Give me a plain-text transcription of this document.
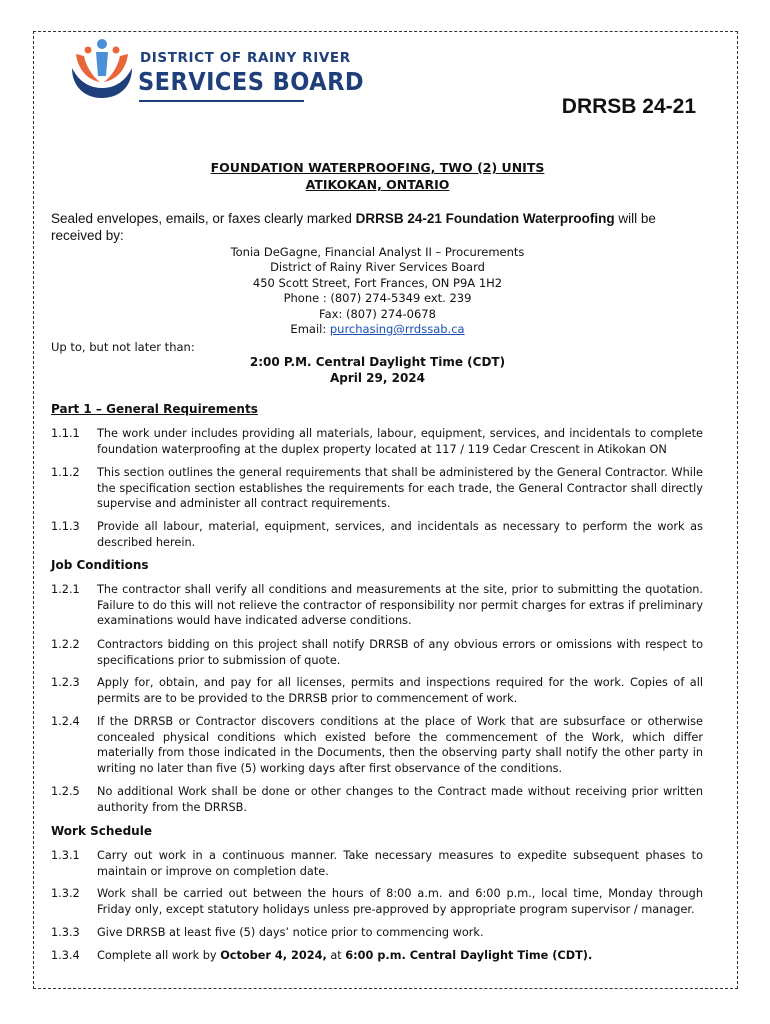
DISTRICT OF RAINY RIVER
SERVICES BOARD
DRRSB 24-21
FOUNDATION WATERPROOFING, TWO (2) UNITS
ATIKOKAN, ONTARIO
Sealed envelopes, emails, or faxes clearly marked DRRSB 24-21 Foundation Waterproofing will be received by:
Tonia DeGagne, Financial Analyst II – Procurements
District of Rainy River Services Board
450 Scott Street, Fort Frances, ON P9A 1H2
Phone : (807) 274-5349 ext. 239
Fax: (807) 274-0678
Email: purchasing@rrdssab.ca
Up to, but not later than:
2:00 P.M. Central Daylight Time (CDT)
April 29, 2024
Part 1 – General Requirements
1.1.1	The work under includes providing all materials, labour, equipment, services, and incidentals to complete foundation waterproofing at the duplex property located at 117 / 119 Cedar Crescent in Atikokan ON
1.1.2	This section outlines the general requirements that shall be administered by the General Contractor. While the specification section establishes the requirements for each trade, the General Contractor shall directly supervise and administer all contract requirements.
1.1.3	Provide all labour, material, equipment, services, and incidentals as necessary to perform the work as described herein.
Job Conditions
1.2.1	The contractor shall verify all conditions and measurements at the site, prior to submitting the quotation. Failure to do this will not relieve the contractor of responsibility nor permit charges for extras if preliminary examinations would have indicated adverse conditions.
1.2.2	Contractors bidding on this project shall notify DRRSB of any obvious errors or omissions with respect to specifications prior to submission of quote.
1.2.3	Apply for, obtain, and pay for all licenses, permits and inspections required for the work. Copies of all permits are to be provided to the DRRSB prior to commencement of work.
1.2.4	If the DRRSB or Contractor discovers conditions at the place of Work that are subsurface or otherwise concealed physical conditions which existed before the commencement of the Work, which differ materially from those indicated in the Documents, then the observing party shall notify the other party in writing no later than five (5) working days after first observance of the conditions.
1.2.5	No additional Work shall be done or other changes to the Contract made without receiving prior written authority from the DRRSB.
Work Schedule
1.3.1	Carry out work in a continuous manner. Take necessary measures to expedite subsequent phases to maintain or improve on completion date.
1.3.2	Work shall be carried out between the hours of 8:00 a.m. and 6:00 p.m., local time, Monday through Friday only, except statutory holidays unless pre-approved by appropriate program supervisor / manager.
1.3.3	Give DRRSB at least five (5) days’ notice prior to commencing work.
1.3.4	Complete all work by October 4, 2024, at 6:00 p.m. Central Daylight Time (CDT).
